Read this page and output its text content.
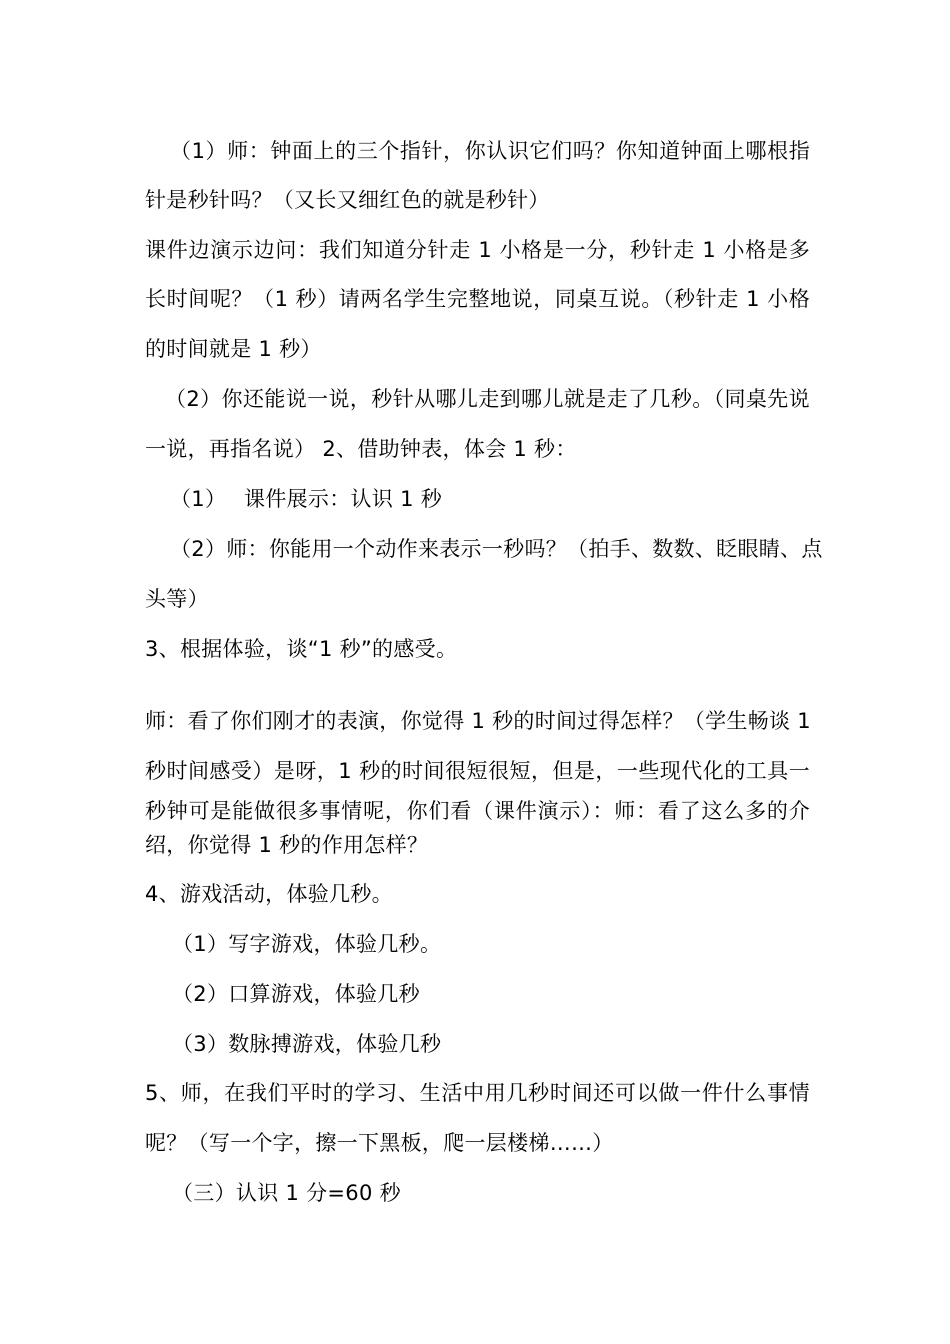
（1）师：钟面上的三个指针，你认识它们吗？你知道钟面上哪根指
针是秒针吗？（又长又细红色的就是秒针）
课件边演示边问：我们知道分针走 1 小格是一分，秒针走 1 小格是多
长时间呢？（1 秒）请两名学生完整地说，同桌互说。（秒针走 1 小格
的时间就是 1 秒）
（2）你还能说一说，秒针从哪儿走到哪儿就是走了几秒。（同桌先说
一说，再指名说） 2、借助钟表，体会 1 秒：
（1）　 课件展示：认识 1 秒
（2）师：你能用一个动作来表示一秒吗？（拍手、数数、眨眼睛、点
头等）
3、根据体验，谈“1 秒”的感受。
师：看了你们刚才的表演，你觉得 1 秒的时间过得怎样？（学生畅谈 1
秒时间感受）是呀，1 秒的时间很短很短，但是，一些现代化的工具一
秒钟可是能做很多事情呢，你们看（课件演示）：师：看了这么多的介
绍，你觉得 1 秒的作用怎样？
4、游戏活动，体验几秒。
（1）写字游戏，体验几秒。
（2）口算游戏，体验几秒
（3）数脉搏游戏，体验几秒
5、师，在我们平时的学习、生活中用几秒时间还可以做一件什么事情
呢？（写一个字，擦一下黑板，爬一层楼梯……）
（三）认识 1 分=60 秒
